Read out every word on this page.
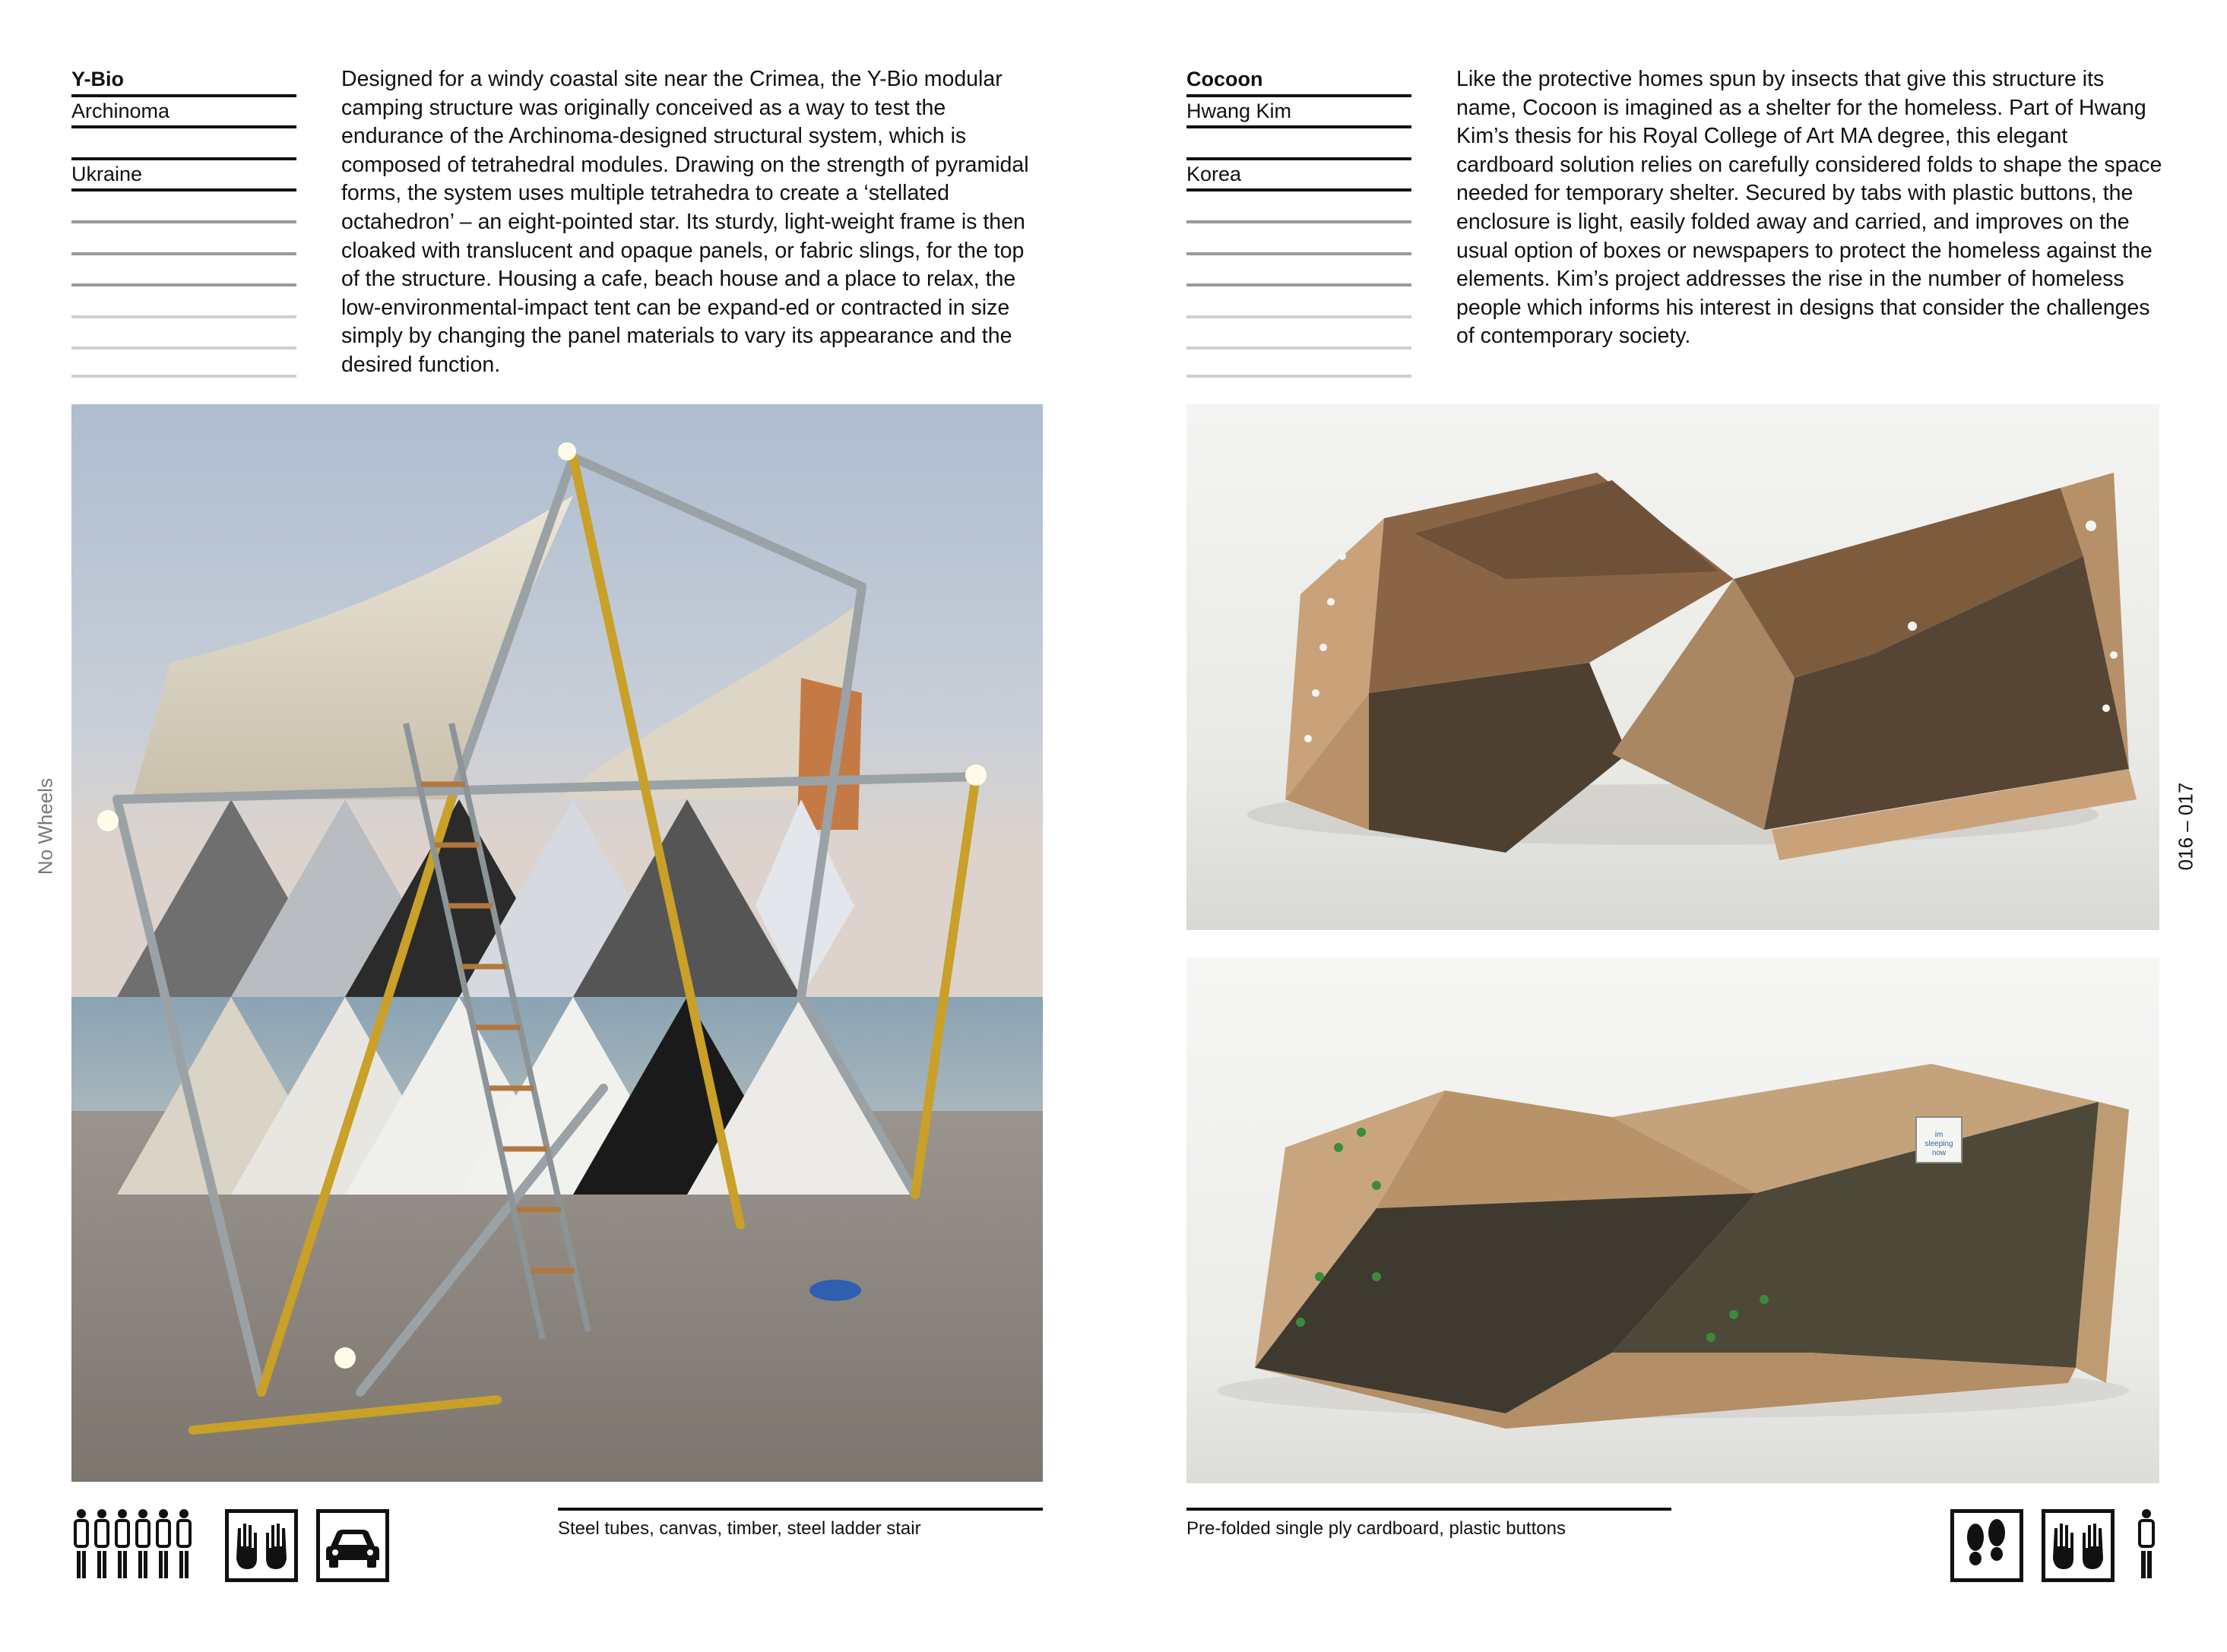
Y-Bio
Archinoma
Ukraine
Designed for a windy coastal site near the Crimea, the Y-Bio modular camping structure was originally conceived as a way to test the endurance of the Archinoma-designed structural system, which is composed of tetrahedral modules. Drawing on the strength of pyramidal forms, the system uses multiple tetrahedra to create a ‘stellated octahedron’ – an eight-pointed star. Its sturdy, light-weight frame is then cloaked with translucent and opaque panels, or fabric slings, for the top of the structure. Housing a cafe, beach house and a place to relax, the low-environmental-impact tent can be expand-ed or contracted in size simply by changing the panel materials to vary its appearance and the desired function.
No Wheels
Steel tubes, canvas, timber, steel ladder stair
Cocoon
Hwang Kim
Korea
Like the protective homes spun by insects that give this structure its name, Cocoon is imagined as a shelter for the homeless. Part of Hwang Kim’s thesis for his Royal College of Art MA degree, this elegant cardboard solution relies on carefully considered folds to shape the space needed for temporary shelter. Secured by tabs with plastic buttons, the enclosure is light, easily folded away and carried, and improves on the usual option of boxes or newspapers to protect the homeless against the elements. Kim’s project addresses the rise in the number of homeless people which informs his interest in designs that consider the challenges of contemporary society.
im
sleeping
now
016 – 017
Pre-folded single ply cardboard, plastic buttons
